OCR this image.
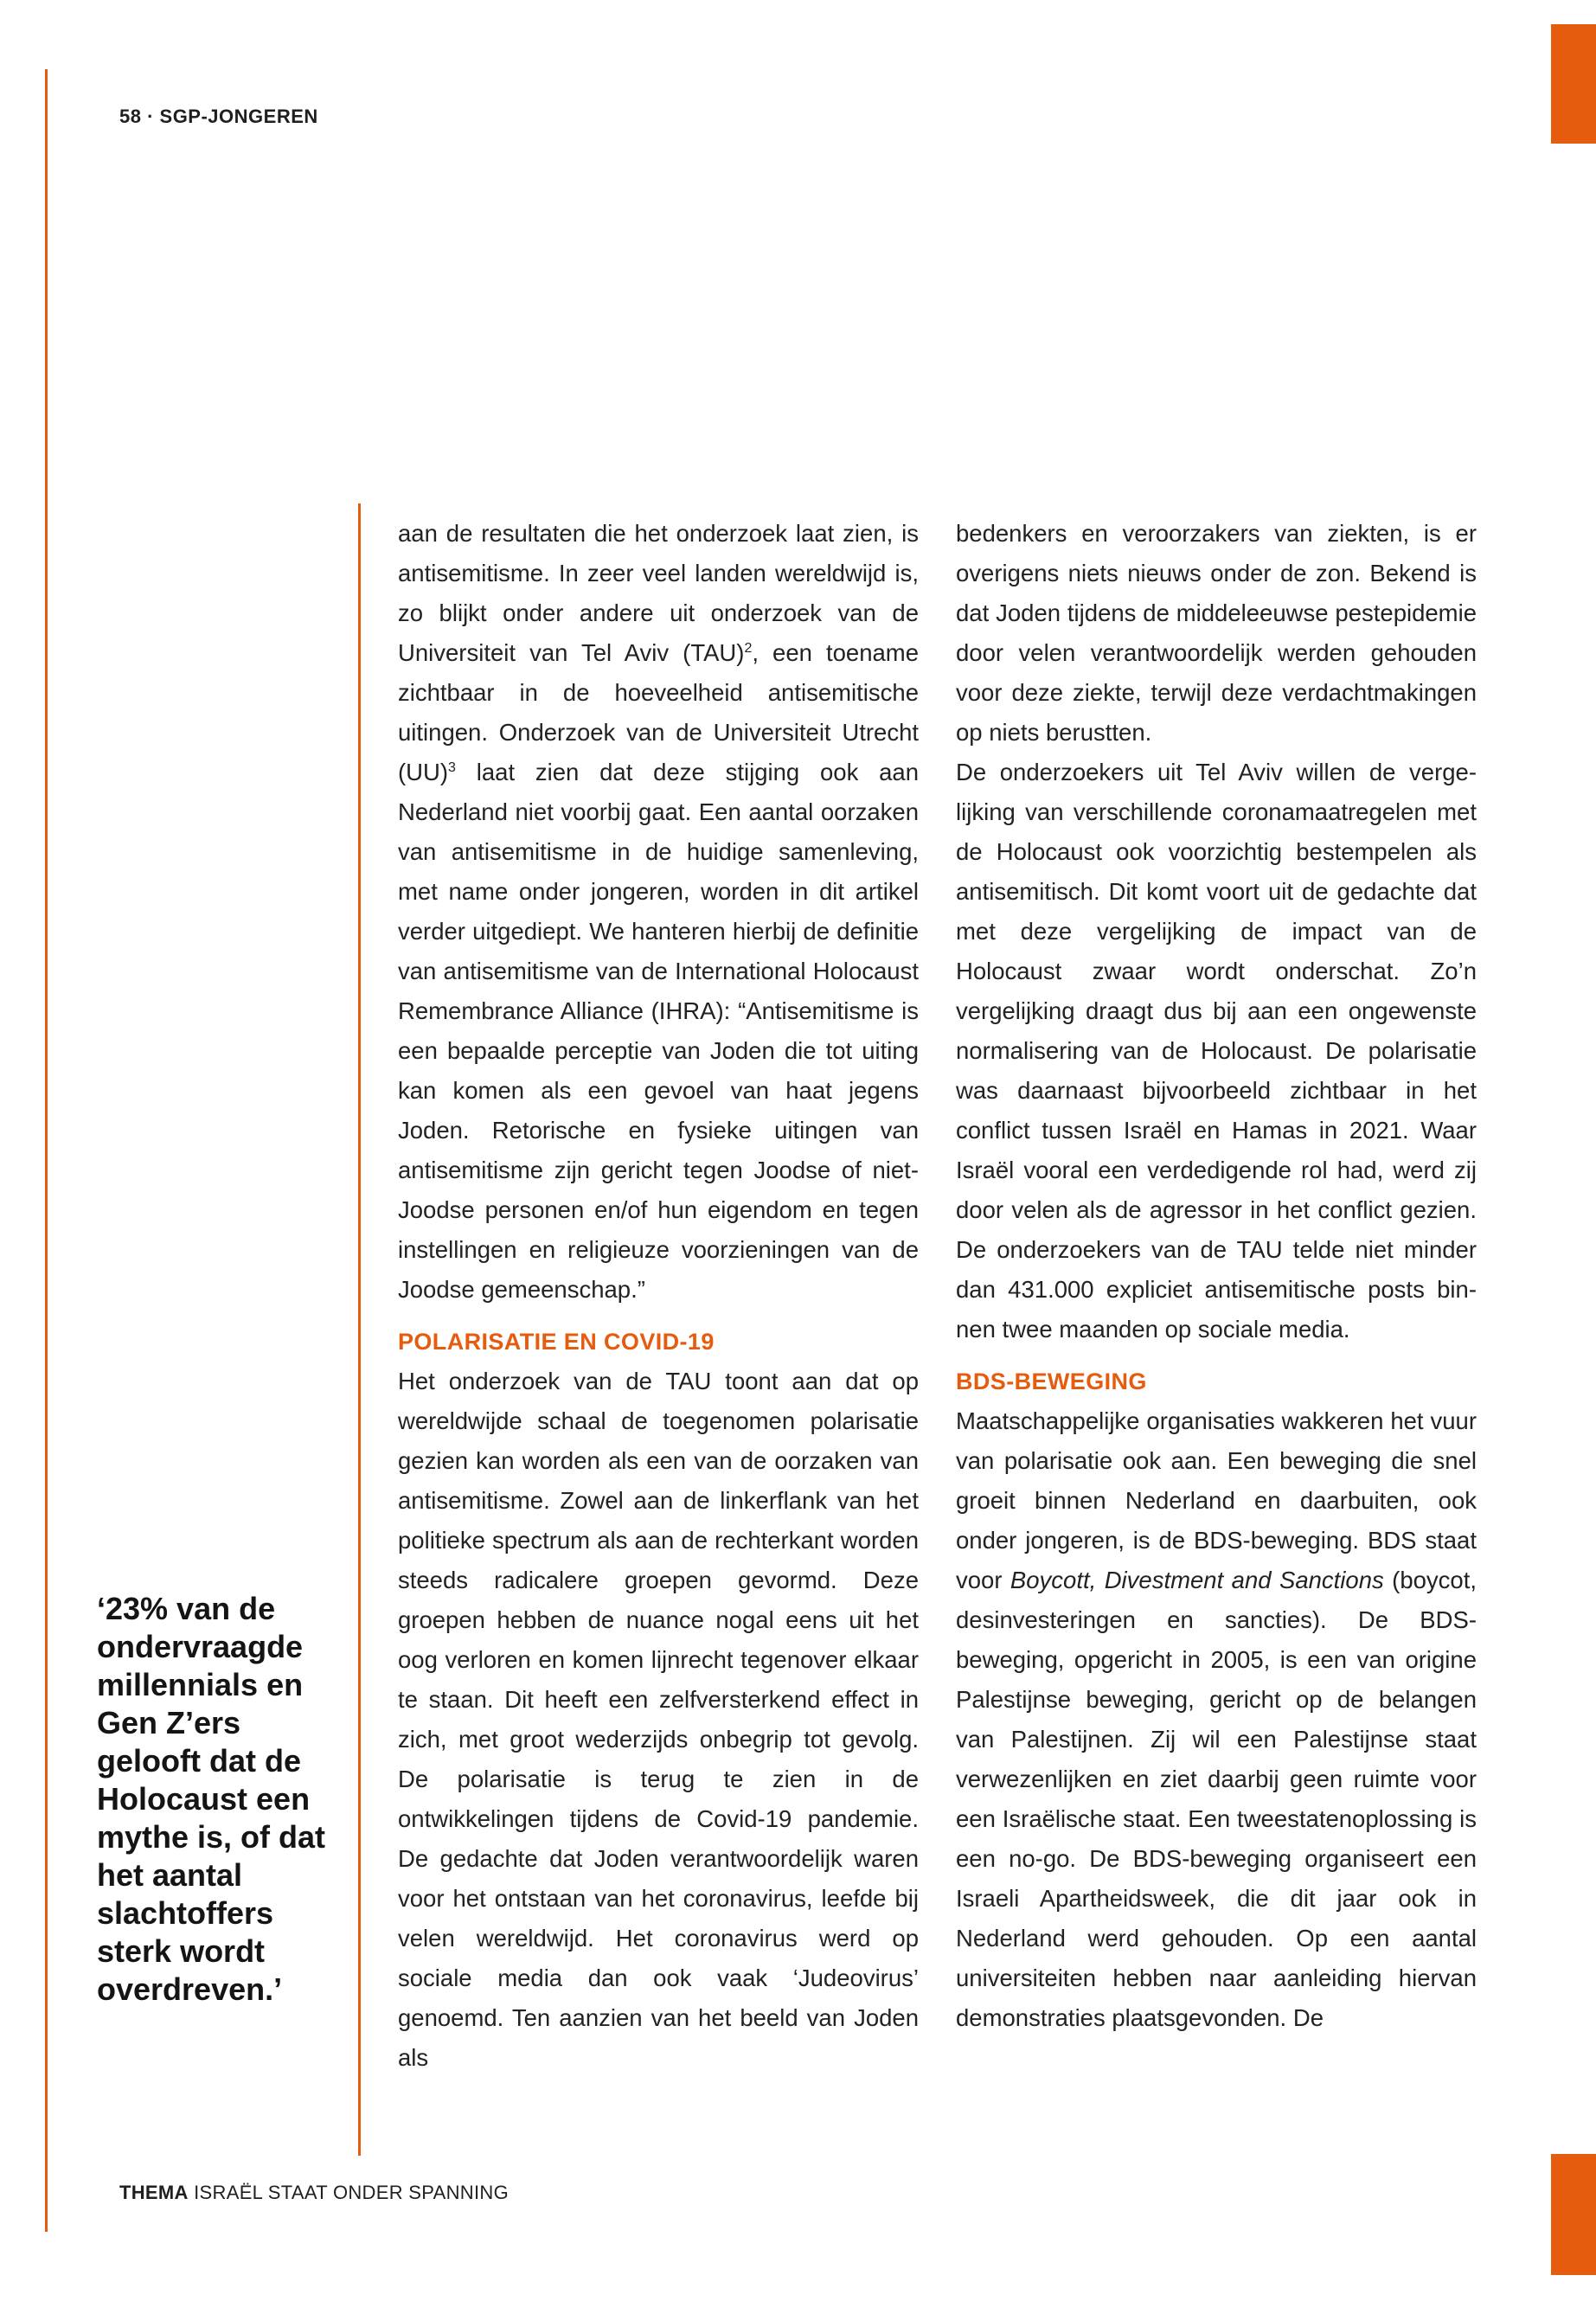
58 · SGP-JONGEREN
‘23% van de ondervraagde millennials en Gen Z’ers gelooft dat de Holocaust een mythe is, of dat het aantal slachtoffers sterk wordt overdreven.’

aan de resultaten die het onderzoek laat zien, is antisemitisme. In zeer veel landen wereldwijd is, zo blijkt onder andere uit onderzoek van de Universiteit van Tel Aviv (TAU)$^2$, een toename zichtbaar in de hoeveelheid antisemitische uitingen. Onderzoek van de Universiteit Utrecht (UU)$^3$ laat zien dat deze stijging ook aan Nederland niet voorbij gaat. Een aantal oorzaken van antisemitisme in de huidige samenleving, met name onder jongeren, worden in dit artikel verder uitgediept. We hanteren hierbij de definitie van antisemitisme van de International Holocaust Remembrance Alliance (IHRA): “Antisemitisme is een bepaalde perceptie van Joden die tot uiting kan komen als een gevoel van haat jegens Joden. Retorische en fysieke uitingen van antisemitisme zijn gericht tegen Joodse of niet-Joodse personen en/of hun eigendom en tegen instellingen en religieuze voorzieningen van de Joodse gemeenschap.”

POLARISATIE EN COVID-19

Het onderzoek van de TAU toont aan dat op wereldwijde schaal de toegenomen polarisatie gezien kan worden als een van de oorzaken van antisemitisme. Zowel aan de linkerflank van het politieke spectrum als aan de rechterkant worden steeds radicalere groepen gevormd. Deze groepen hebben de nuance nogal eens uit het oog verloren en komen lijnrecht tegenover elkaar te staan. Dit heeft een zelfversterkend effect in zich, met groot wederzijds onbegrip tot gevolg. De polarisatie is terug te zien in de ontwikkelingen tijdens de Covid-19 pandemie. De gedachte dat Joden verantwoordelijk waren voor het ontstaan van het coronavirus, leefde bij velen wereldwijd. Het coronavirus werd op sociale media dan ook vaak ‘Judeovirus’ genoemd. Ten aanzien van het beeld van Joden als

bedenkers en veroorzakers van ziekten, is er overigens niets nieuws onder de zon. Bekend is dat Joden tijdens de middeleeuwse pestepidemie door velen verantwoordelijk werden gehouden voor deze ziekte, terwijl deze verdachtmakingen op niets berustten.

De onderzoekers uit Tel Aviv willen de vergelijking van verschillende coronamaatregelen met de Holocaust ook voorzichtig bestempelen als antisemitisch. Dit komt voort uit de gedachte dat met deze vergelijking de impact van de Holocaust zwaar wordt onderschat. Zo’n vergelijking draagt dus bij aan een ongewenste normalisering van de Holocaust. De polarisatie was daarnaast bijvoorbeeld zichtbaar in het conflict tussen Israël en Hamas in 2021. Waar Israël vooral een verdedigende rol had, werd zij door velen als de agressor in het conflict gezien. De onderzoekers van de TAU telde niet minder dan 431.000 expliciet antisemitische posts binnen twee maanden op sociale media.

BDS-BEWEGING

Maatschappelijke organisaties wakkeren het vuur van polarisatie ook aan. Een beweging die snel groeit binnen Nederland en daarbuiten, ook onder jongeren, is de BDS-beweging. BDS staat voor Boycott, Divestment and Sanctions (boycot, desinvesteringen en sancties). De BDS-beweging, opgericht in 2005, is een van origine Palestijnse beweging, gericht op de belangen van Palestijnen. Zij wil een Palestijnse staat verwezenlijken en ziet daarbij geen ruimte voor een Israëlische staat. Een tweestatenoplossing is een no-go. De BDS-beweging organiseert een Israeli Apartheidsweek, die dit jaar ook in Nederland werd gehouden. Op een aantal universiteiten hebben naar aanleiding hiervan demonstraties plaatsgevonden. De

THEMA ISRAËL STAAT ONDER SPANNING
